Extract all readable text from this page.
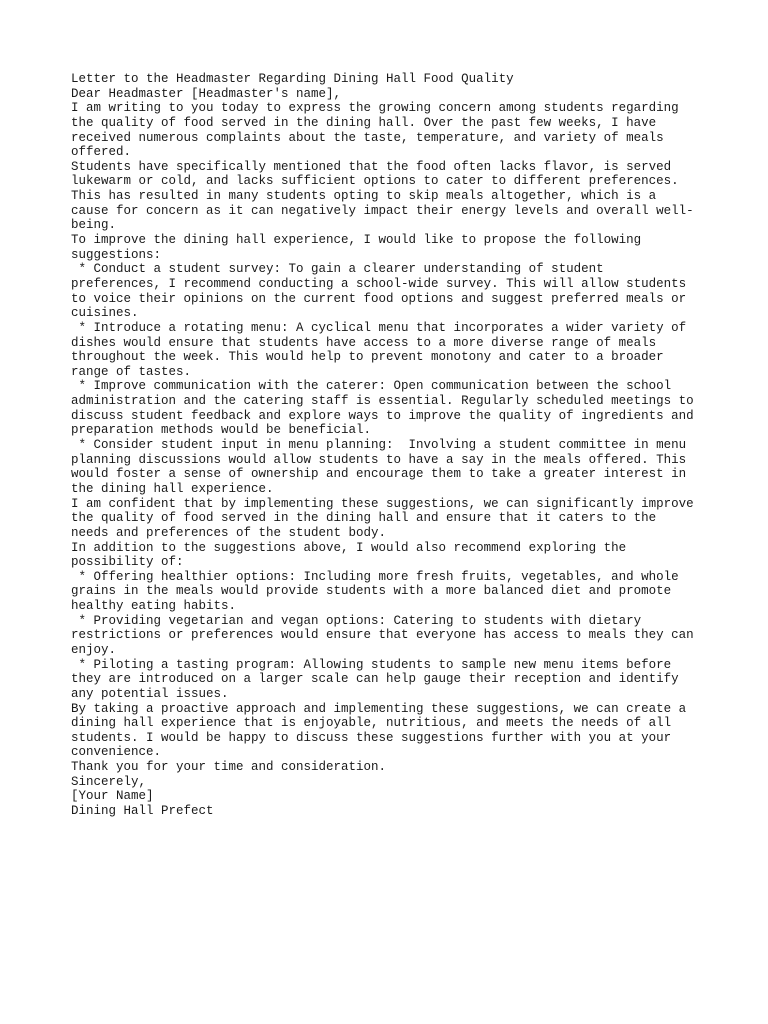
Letter to the Headmaster Regarding Dining Hall Food Quality
Dear Headmaster [Headmaster's name],
I am writing to you today to express the growing concern among students regarding
the quality of food served in the dining hall. Over the past few weeks, I have
received numerous complaints about the taste, temperature, and variety of meals
offered.
Students have specifically mentioned that the food often lacks flavor, is served
lukewarm or cold, and lacks sufficient options to cater to different preferences.
This has resulted in many students opting to skip meals altogether, which is a
cause for concern as it can negatively impact their energy levels and overall well-
being.
To improve the dining hall experience, I would like to propose the following
suggestions:
* Conduct a student survey: To gain a clearer understanding of student
preferences, I recommend conducting a school-wide survey. This will allow students
to voice their opinions on the current food options and suggest preferred meals or
cuisines.
* Introduce a rotating menu: A cyclical menu that incorporates a wider variety of
dishes would ensure that students have access to a more diverse range of meals
throughout the week. This would help to prevent monotony and cater to a broader
range of tastes.
* Improve communication with the caterer: Open communication between the school
administration and the catering staff is essential. Regularly scheduled meetings to
discuss student feedback and explore ways to improve the quality of ingredients and
preparation methods would be beneficial.
* Consider student input in menu planning:  Involving a student committee in menu
planning discussions would allow students to have a say in the meals offered. This
would foster a sense of ownership and encourage them to take a greater interest in
the dining hall experience.
I am confident that by implementing these suggestions, we can significantly improve
the quality of food served in the dining hall and ensure that it caters to the
needs and preferences of the student body.
In addition to the suggestions above, I would also recommend exploring the
possibility of:
* Offering healthier options: Including more fresh fruits, vegetables, and whole
grains in the meals would provide students with a more balanced diet and promote
healthy eating habits.
* Providing vegetarian and vegan options: Catering to students with dietary
restrictions or preferences would ensure that everyone has access to meals they can
enjoy.
* Piloting a tasting program: Allowing students to sample new menu items before
they are introduced on a larger scale can help gauge their reception and identify
any potential issues.
By taking a proactive approach and implementing these suggestions, we can create a
dining hall experience that is enjoyable, nutritious, and meets the needs of all
students. I would be happy to discuss these suggestions further with you at your
convenience.
Thank you for your time and consideration.
Sincerely,
[Your Name]
Dining Hall Prefect
